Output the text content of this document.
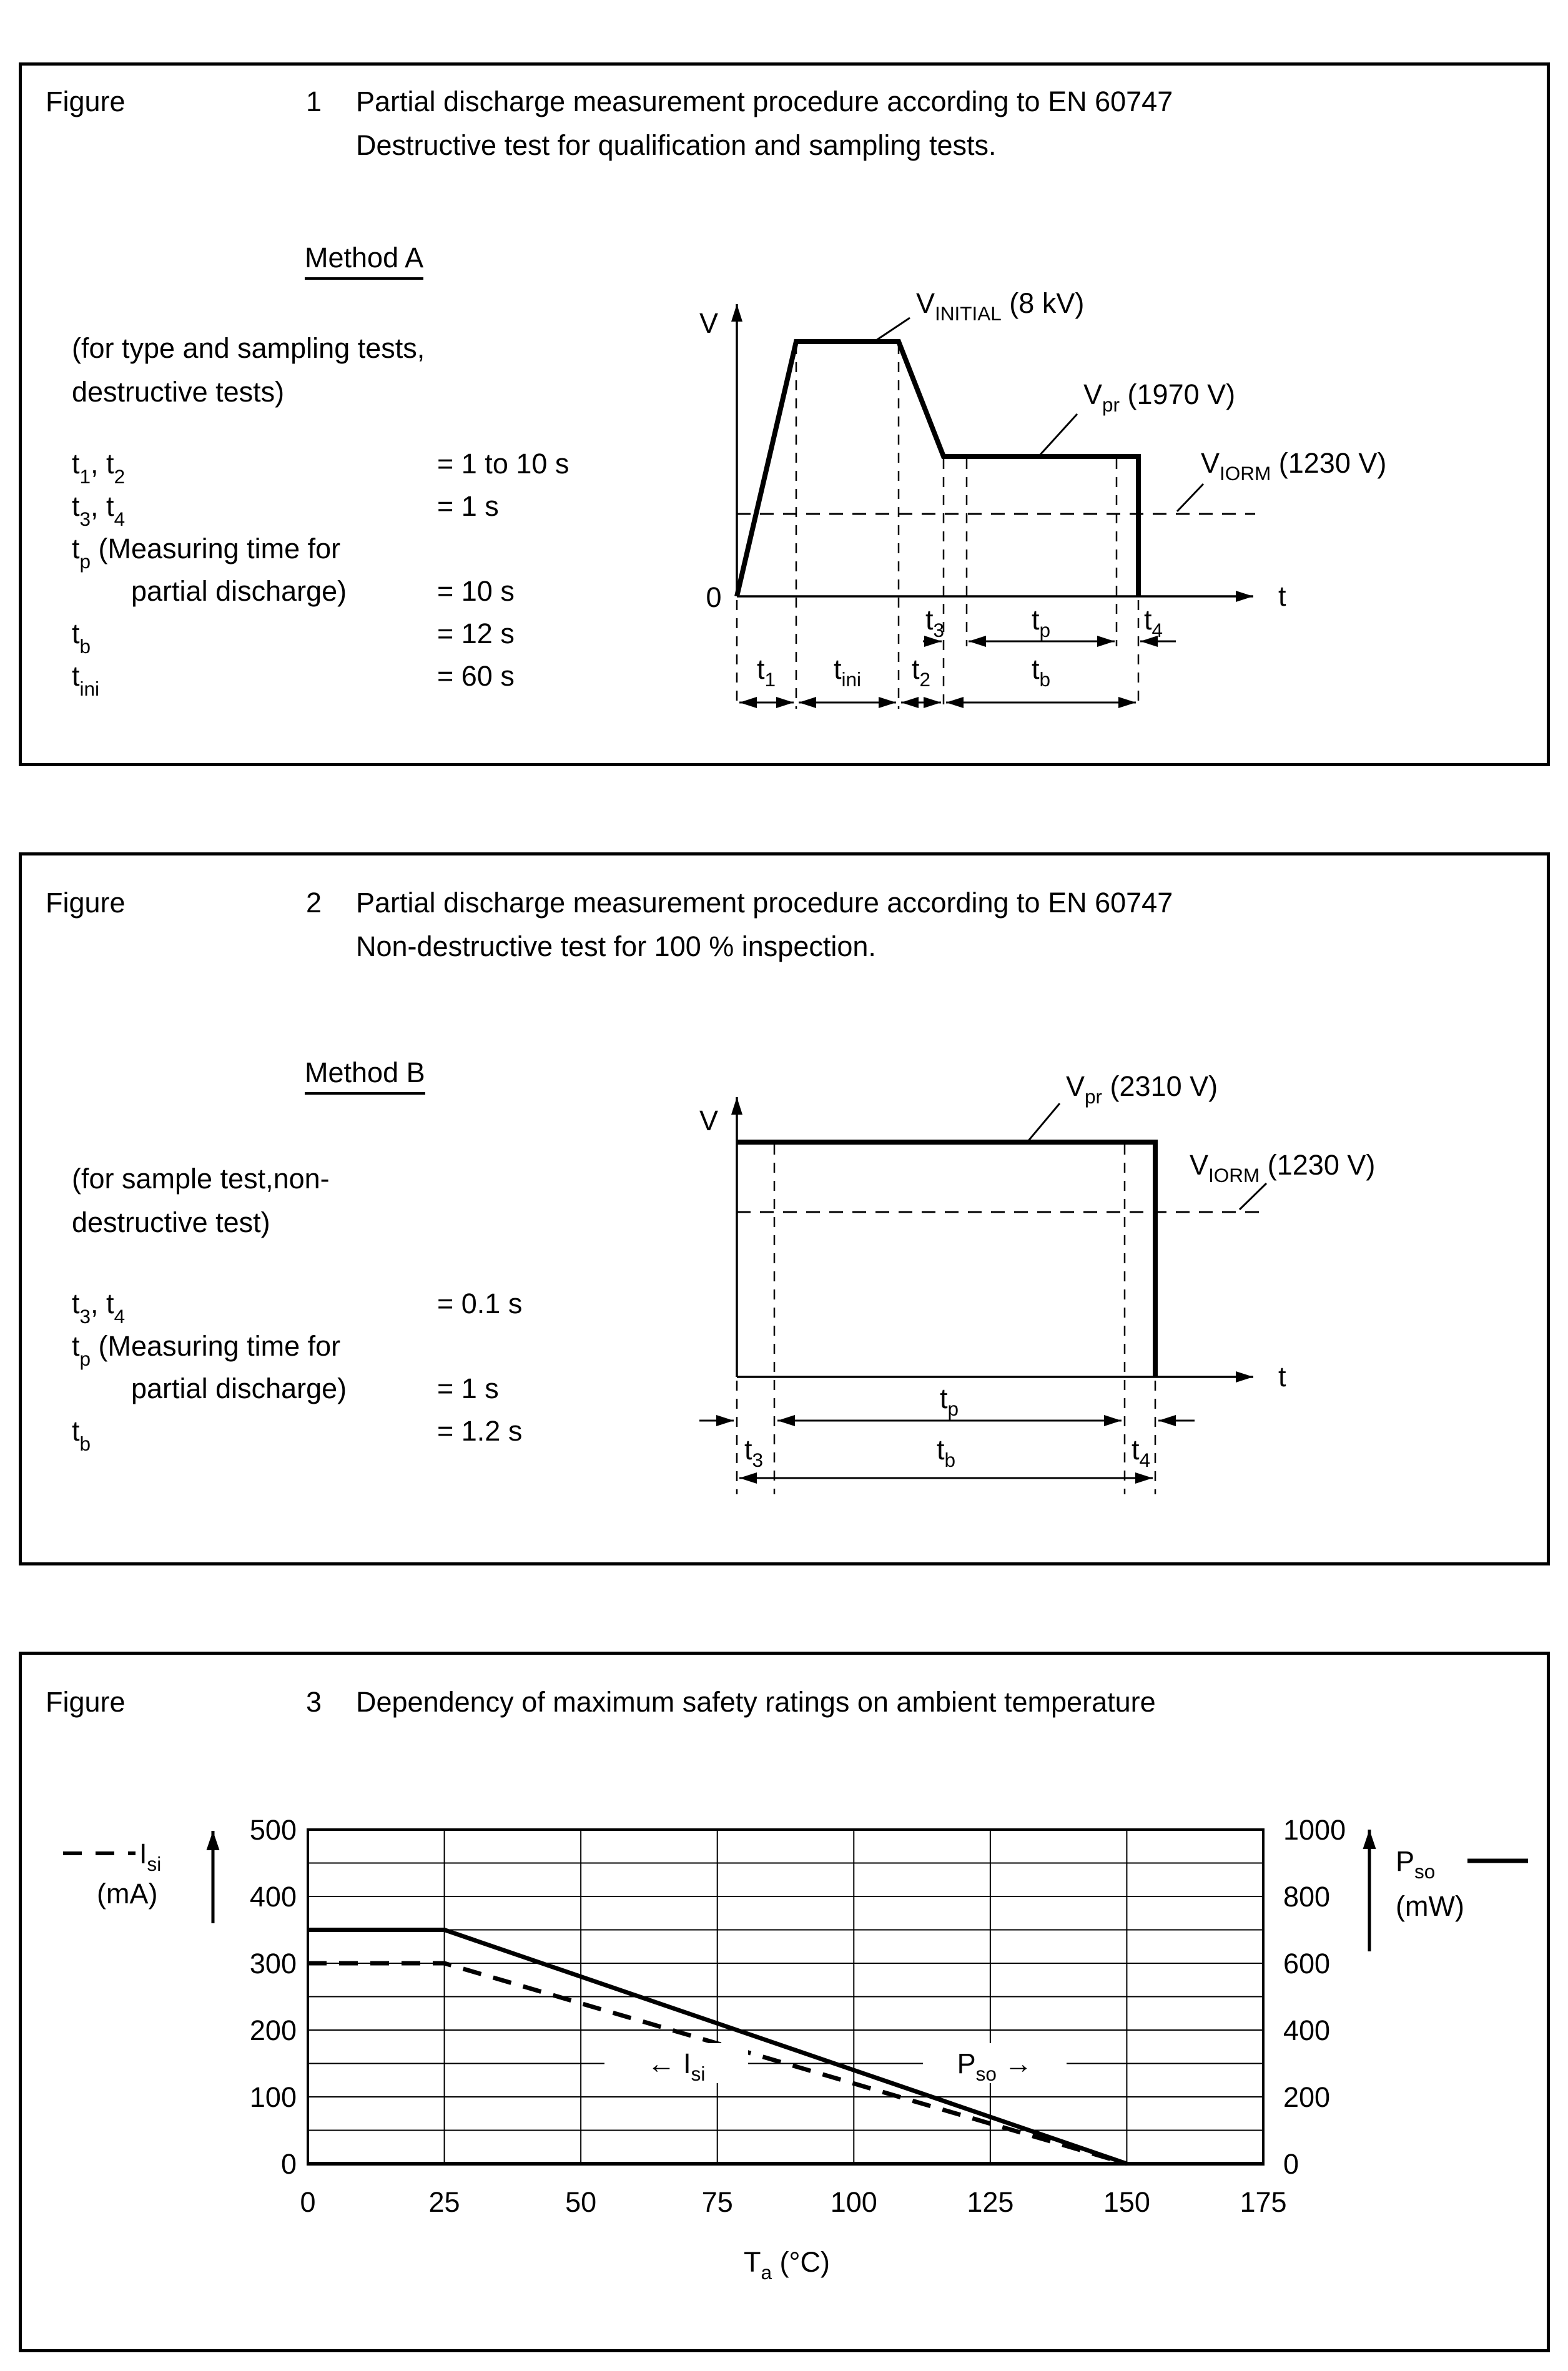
Figure	1 Partial discharge measurement procedure according to EN 60747
Destructive test for qualification and sampling tests.
Method A
(for type and sampling tests,
destructive tests)
$t_1$, $t_2$	= 1 to 10 s
$t_3$, $t_4$	= 1 s
$t_p$ (Measuring time for
partial discharge)	= 10 s
$t_b$	= 12 s
$t_{ini}$	= 60 s
V
0	t
$V_{INITIAL}$ (8 kV)
$V_{pr}$ (1970 V)
$V_{IORM}$ (1230 V)
$t_3$	$t_p$	$t_4$
$t_1$ $t_{ini}$ $t_2$	$t_b$
Figure	2 Partial discharge measurement procedure according to EN 60747
Non-destructive test for 100 % inspection.
Method B
(for sample test,non-
destructive test)
$t_3$, $t_4$	= 0.1 s
$t_p$ (Measuring time for
partial discharge)	= 1 s
$t_b$	= 1.2 s
V
t
$V_{pr}$ (2310 V)
$V_{IORM}$ (1230 V)
$t_p$
$t_3$	$t_b$	$t_4$
Figure	3 Dependency of maximum safety ratings on ambient temperature
← $I_{si}$	$P_{so}$ →
500
400
300
200
100
0
1000
800
600
400
200
0
0	25	50	75	100	125	150	175
$T_a$ (°C)
$I_{si}$
(mA)
$P_{so}$
(mW)
